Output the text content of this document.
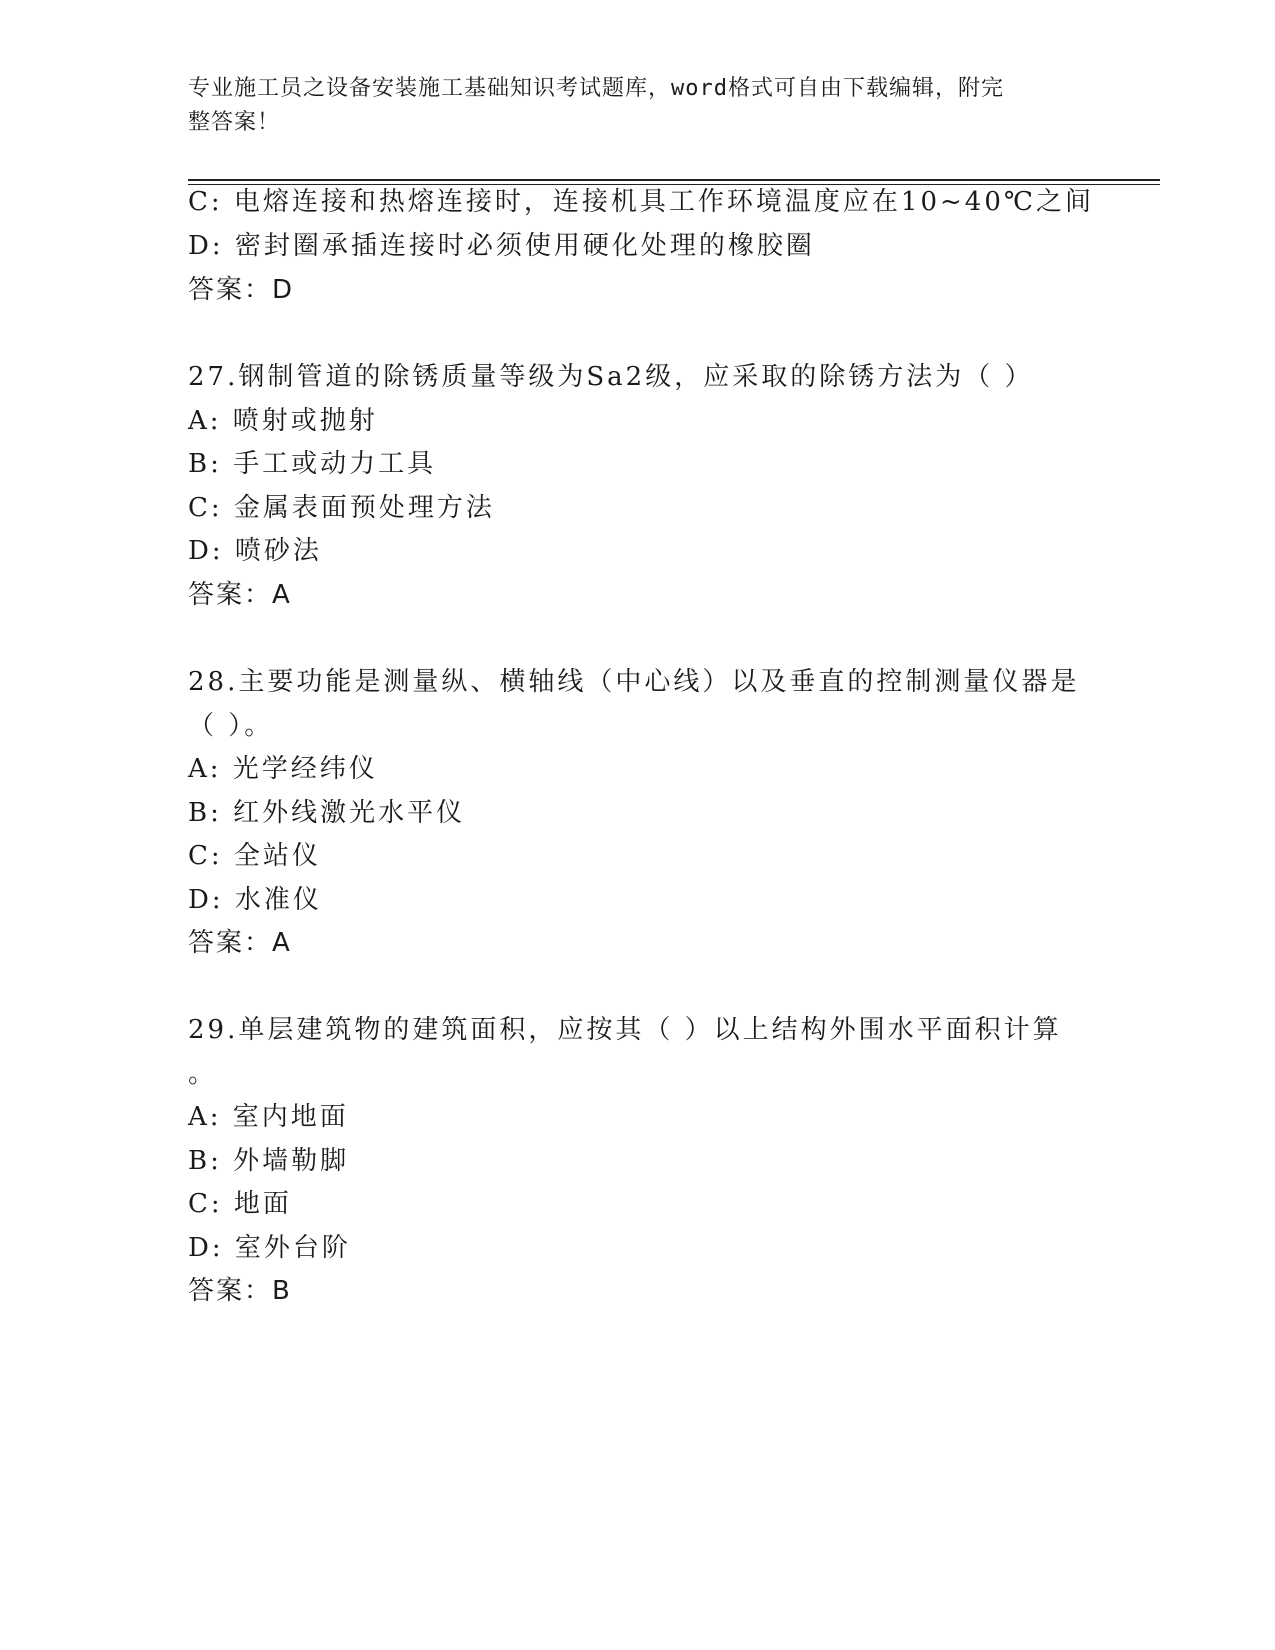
专业施工员之设备安装施工基础知识考试题库，word格式可自由下载编辑，附完
整答案！
C: 电熔连接和热熔连接时，连接机具工作环境温度应在10~40℃之间
D: 密封圈承插连接时必须使用硬化处理的橡胶圈
答案：D
27.钢制管道的除锈质量等级为Sa2级，应采取的除锈方法为（ ）
A: 喷射或抛射
B: 手工或动力工具
C: 金属表面预处理方法
D: 喷砂法
答案：A
28.主要功能是测量纵、横轴线（中心线）以及垂直的控制测量仪器是
（ ）。
A: 光学经纬仪
B: 红外线激光水平仪
C: 全站仪
D: 水准仪
答案：A
29.单层建筑物的建筑面积，应按其（ ）以上结构外围水平面积计算
。
A: 室内地面
B: 外墙勒脚
C: 地面
D: 室外台阶
答案：B
